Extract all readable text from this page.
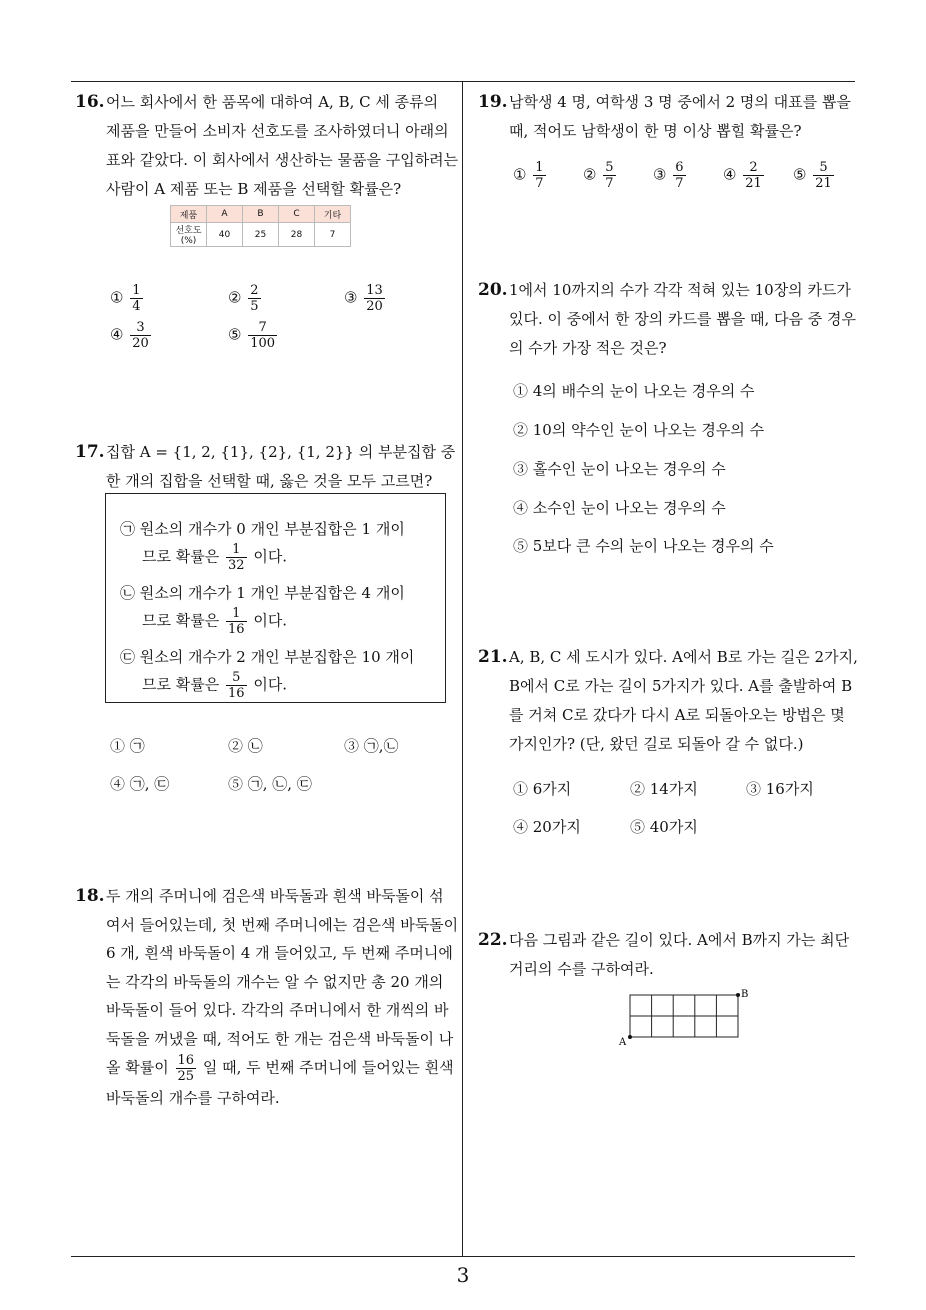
3
16. 어느 회사에서 한 품목에 대하여 A, B, C 세 종류의
제품을 만들어 소비자 선호도를 조사하였더니 아래의
표와 같았다. 이 회사에서 생산하는 물품을 구입하려는
사람이 A 제품 또는 B 제품을 선택할 확률은?
제품	A	B	C	기타
선호도(%)	40	25	28	7
① $\frac{1}{4}$	② $\frac{2}{5}$	③ $\frac{13}{20}$
④ $\frac{3}{20}$	⑤ $\frac{7}{100}$
17. 집합 A = {1, 2, {1}, {2}, {1, 2}} 의 부분집합 중
한 개의 집합을 선택할 때, 옳은 것을 모두 고르면?
㉠ 원소의 개수가 0 개인 부분집합은 1 개이
므로 확률은 $\frac{1}{32}$ 이다.
㉡ 원소의 개수가 1 개인 부분집합은 4 개이
므로 확률은 $\frac{1}{16}$ 이다.
㉢ 원소의 개수가 2 개인 부분집합은 10 개이
므로 확률은 $\frac{5}{16}$ 이다.
① ㉠	② ㉡	③ ㉠,㉡
④ ㉠, ㉢	⑤ ㉠, ㉡, ㉢
18. 두 개의 주머니에 검은색 바둑돌과 흰색 바둑돌이 섞
여서 들어있는데, 첫 번째 주머니에는 검은색 바둑돌이
6 개, 흰색 바둑돌이 4 개 들어있고, 두 번째 주머니에
는 각각의 바둑돌의 개수는 알 수 없지만 총 20 개의
바둑돌이 들어 있다. 각각의 주머니에서 한 개씩의 바
둑돌을 꺼냈을 때, 적어도 한 개는 검은색 바둑돌이 나
올 확률이 $\frac{16}{25}$ 일 때, 두 번째 주머니에 들어있는 흰색
바둑돌의 개수를 구하여라.
19. 남학생 4 명, 여학생 3 명 중에서 2 명의 대표를 뽑을
때, 적어도 남학생이 한 명 이상 뽑힐 확률은?
① $\frac{1}{7}$ ② $\frac{5}{7}$ ③ $\frac{6}{7}$ ④ $\frac{2}{21}$ ⑤ $\frac{5}{21}$
20. 1에서 10까지의 수가 각각 적혀 있는 10장의 카드가
있다. 이 중에서 한 장의 카드를 뽑을 때, 다음 중 경우
의 수가 가장 적은 것은?
① 4의 배수의 눈이 나오는 경우의 수
② 10의 약수인 눈이 나오는 경우의 수
③ 홀수인 눈이 나오는 경우의 수
④ 소수인 눈이 나오는 경우의 수
⑤ 5보다 큰 수의 눈이 나오는 경우의 수
21. A, B, C 세 도시가 있다. A에서 B로 가는 길은 2가지,
B에서 C로 가는 길이 5가지가 있다. A를 출발하여 B
를 거쳐 C로 갔다가 다시 A로 되돌아오는 방법은 몇
가지인가? (단, 왔던 길로 되돌아 갈 수 없다.)
① 6가지	② 14가지	③ 16가지
④ 20가지	⑤ 40가지
22. 다음 그림과 같은 길이 있다. A에서 B까지 가는 최단
거리의 수를 구하여라.
A
B
